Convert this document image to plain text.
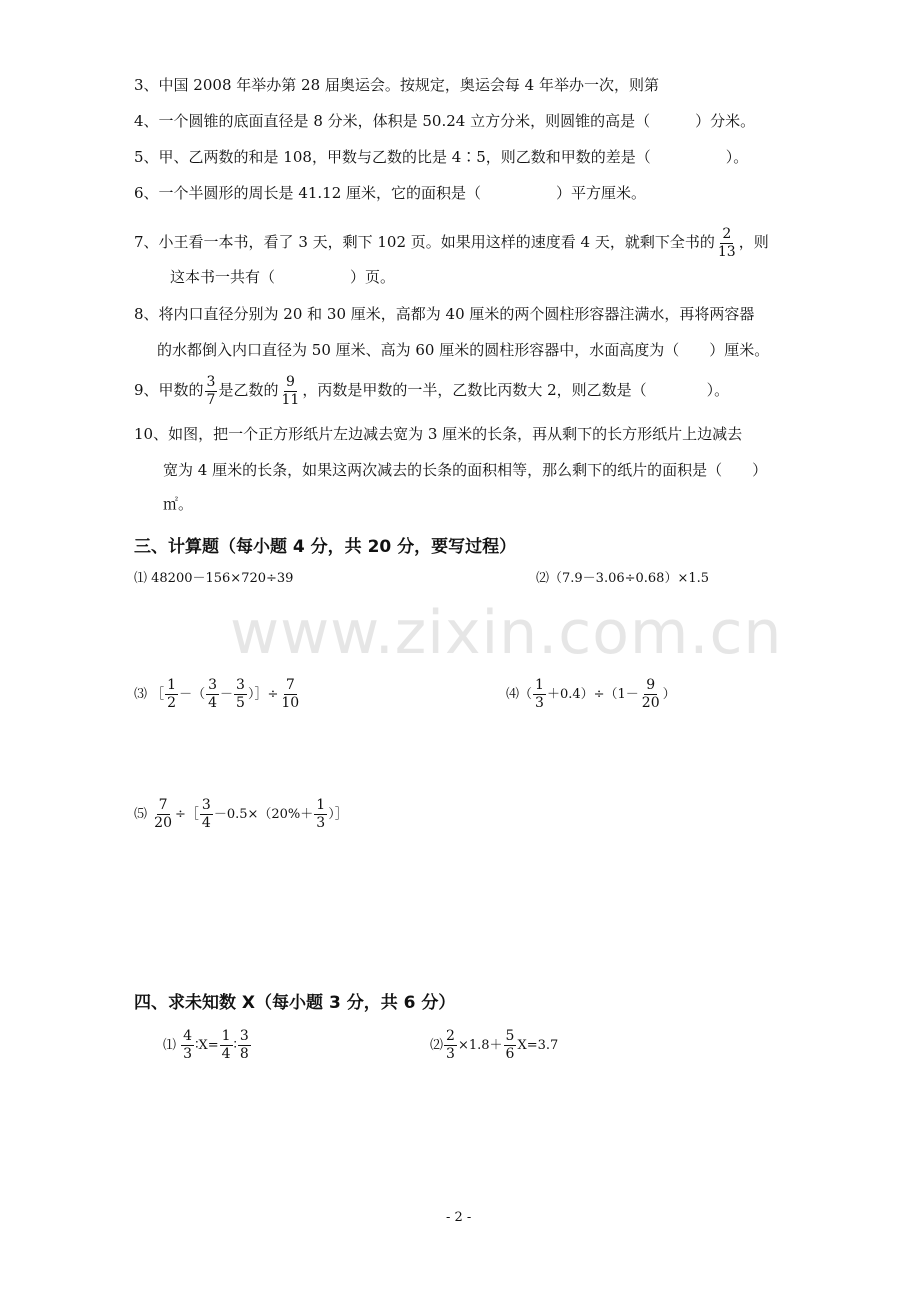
www.zixin.com.cn
3、中国 2008 年举办第 28 届奥运会。按规定，奥运会每 4 年举办一次，则第
4、一个圆锥的底面直径是 8 分米，体积是 50.24 立方分米，则圆锥的高是（　　　）分米。
5、甲、乙两数的和是 108，甲数与乙数的比是 4∶5，则乙数和甲数的差是（　　　　　）。
6、一个半圆形的周长是 41.12 厘米，它的面积是（　　　　　）平方厘米。
7、小王看一本书，看了 3 天，剩下 102 页。如果用这样的速度看 4 天，就剩下全书的 $\frac{2}{13}$ ，则
这本书一共有（　　　　　）页。
8、将内口直径分别为 20 和 30 厘米，高都为 40 厘米的两个圆柱形容器注满水，再将两容器
的水都倒入内口直径为 50 厘米、高为 60 厘米的圆柱形容器中，水面高度为（　　）厘米。
9、甲数的 $\frac{3}{7}$ 是乙数的 $\frac{9}{11}$ ，丙数是甲数的一半，乙数比丙数大 2，则乙数是（　　　　）。
10、如图，把一个正方形纸片左边减去宽为 3 厘米的长条，再从剩下的长方形纸片上边减去
宽为 4 厘米的长条，如果这两次减去的长条的面积相等，那么剩下的纸片的面积是（　　）
㎡。
三、计算题（每小题 4 分，共 20 分，要写过程）
⑴ 48200－156×720÷39	⑵（7.9－3.06÷0.68）×1.5
⑶ ［ $\frac{1}{2}$ －（ $\frac{3}{4} - \frac{3}{5}$ ）］÷ $\frac{7}{10}$	⑷（ $\frac{1}{3} +0.4)\div(1- \frac{9}{20}$ ）
⑸ $\frac{7}{20}$ ÷［ $\frac{3}{4} -0.5\times(20\%+ \frac{1}{3}$ ）］
四、求未知数 X（每小题 3 分，共 6 分）
⑴ $\frac{4}{3}$ ∶X= $\frac{1}{4}$ ∶ $\frac{3}{8}$	⑵ $\frac{2}{3} \times 1.8+ \frac{5}{6} X=3.7$
- 2 -
